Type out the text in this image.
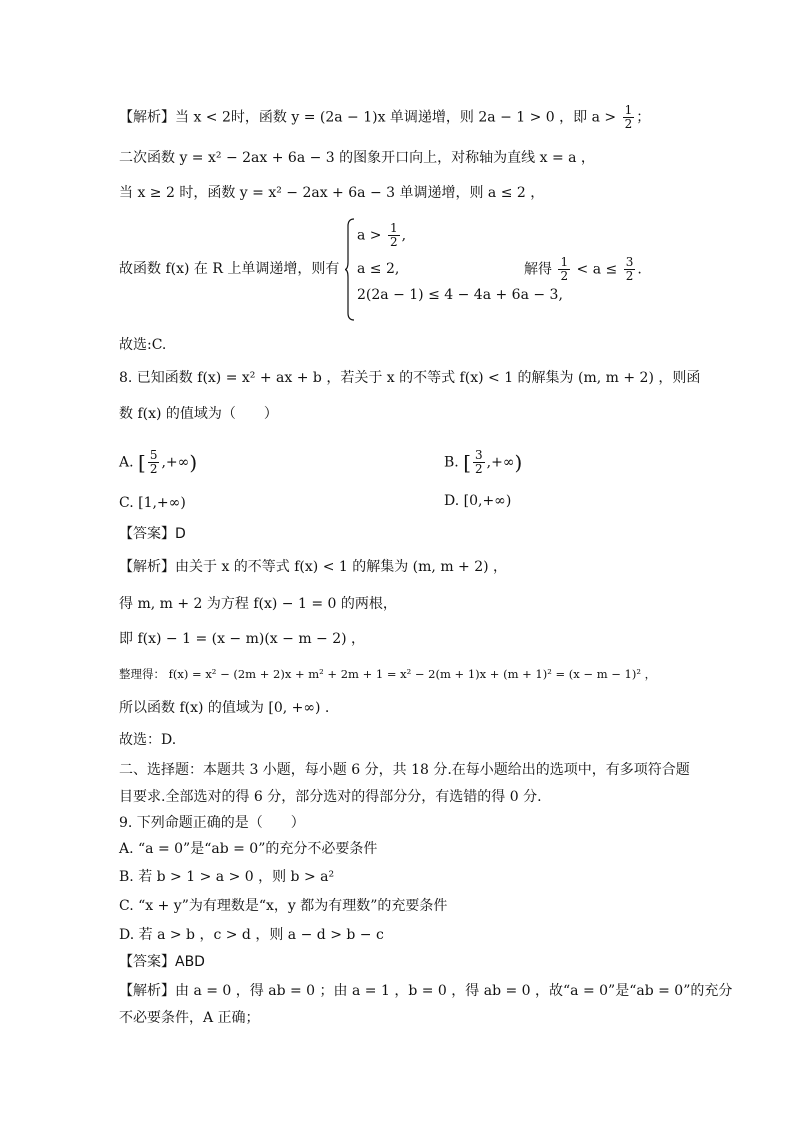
【解析】当 x < 2时，函数 y = (2a − 1)x 单调递增，则 2a − 1 > 0 ，即 $a > \frac{1}{2}$ ；
二次函数 y = x² − 2ax + 6a − 3 的图象开口向上，对称轴为直线 x = a ，
当 x ≥ 2 时，函数 y = x² − 2ax + 6a − 3 单调递增，则 a ≤ 2 ，
故函数 f(x) 在 R 上单调递增，则有
$a > \frac{1}{2}$ ,
a ≤ 2,
2(2a − 1) ≤ 4 − 4a + 6a − 3,
解得 $\frac{1}{2} < a \le \frac{3}{2}$ .
故选:C.
8. 已知函数 f(x) = x² + ax + b ，若关于 x 的不等式 f(x) < 1 的解集为 (m, m + 2) ，则函
数 f(x) 的值域为（　　）
A. [ $\frac{5}{2}$ ,+∞)	B. [ $\frac{3}{2}$ ,+∞)
C. [1,+∞)	D. [0,+∞)
【答案】D
【解析】由关于 x 的不等式 f(x) < 1 的解集为 (m, m + 2) ，
得 m, m + 2 为方程 f(x) − 1 = 0 的两根，
即 f(x) − 1 = (x − m)(x − m − 2) ，
整理得： f(x) = x² − (2m + 2)x + m² + 2m + 1 = x² − 2(m + 1)x + (m + 1)² = (x − m − 1)² ，
所以函数 f(x) 的值域为 [0, +∞) .
故选：D.
二、选择题：本题共 3 小题，每小题 6 分，共 18 分.在每小题给出的选项中，有多项符合题
目要求.全部选对的得 6 分，部分选对的得部分分，有选错的得 0 分.
9. 下列命题正确的是（　　）
A. “a = 0”是“ab = 0”的充分不必要条件
B. 若 b > 1 > a > 0 ，则 b > a²
C. “x + y”为有理数是“x，y 都为有理数”的充要条件
D. 若 a > b ，c > d ，则 a − d > b − c
【答案】ABD
【解析】由 a = 0 ，得 ab = 0 ；由 a = 1 ，b = 0 ，得 ab = 0 ，故“a = 0”是“ab = 0”的充分
不必要条件，A 正确；
